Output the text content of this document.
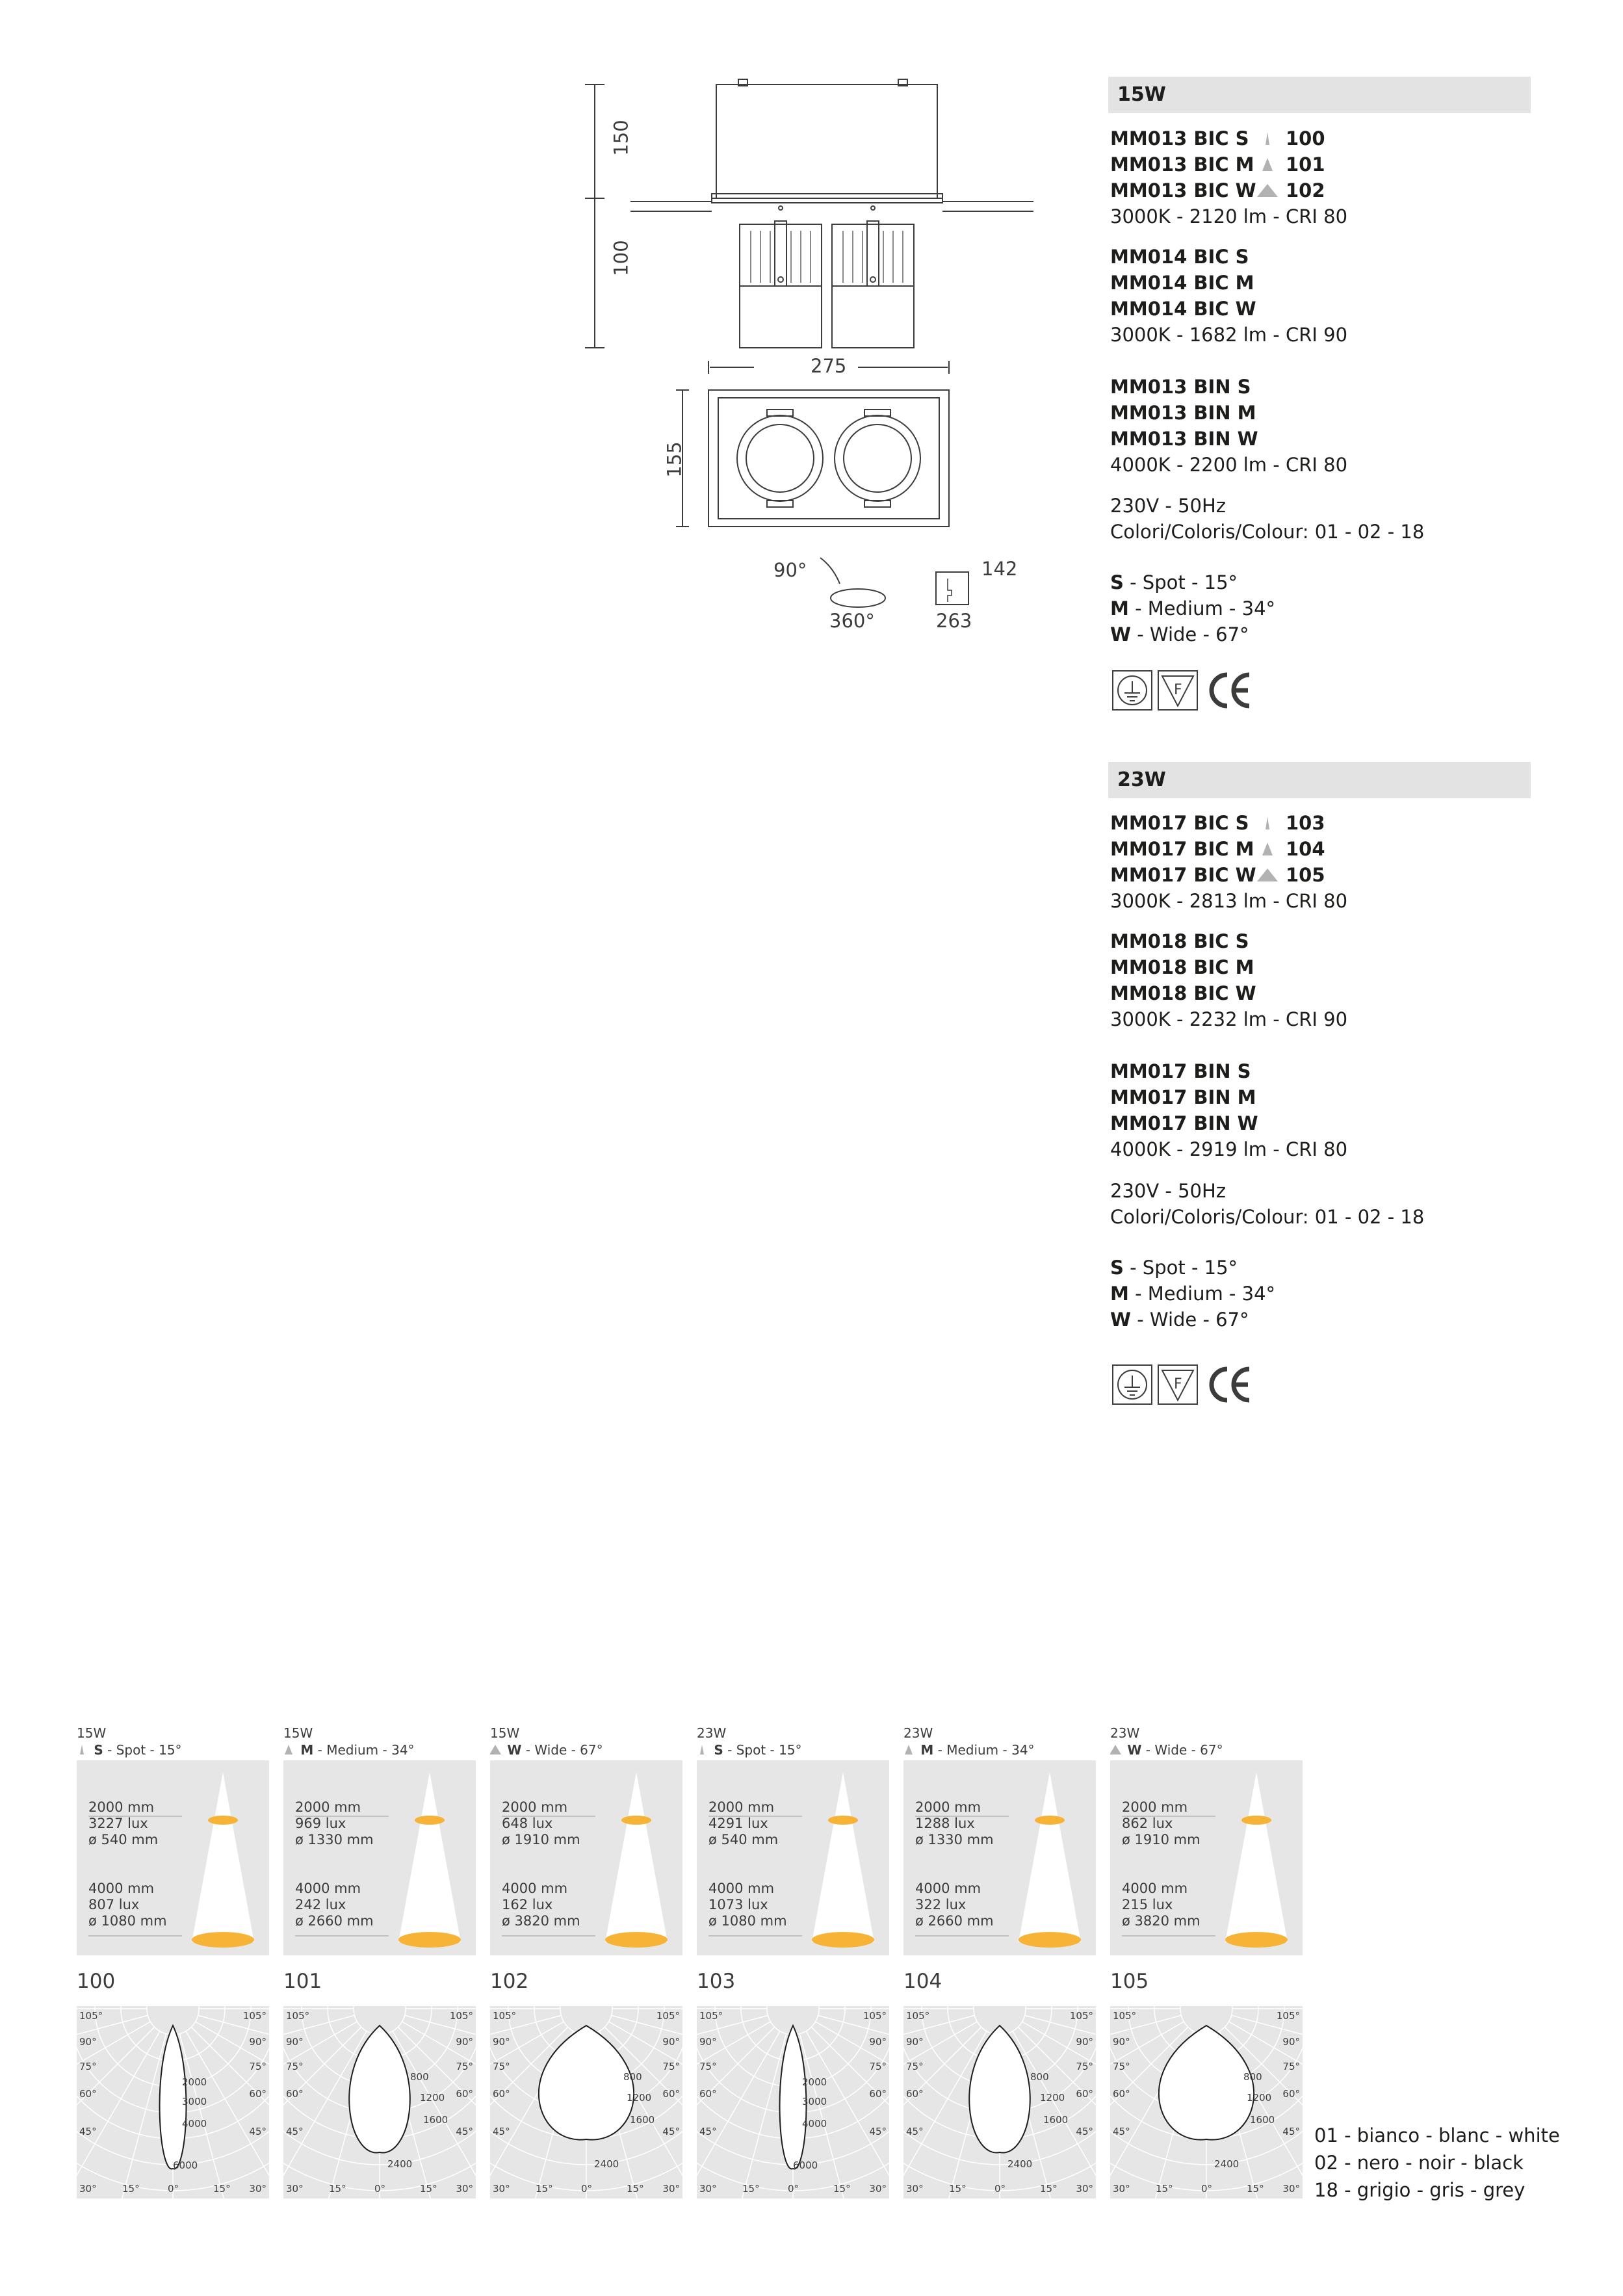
150
100
275
155
90°
360°
142
263
15W
MM013 BIC S 100
MM013 BIC M 101
MM013 BIC W 102
3000K - 2120 lm - CRI 80
MM014 BIC S
MM014 BIC M
MM014 BIC W
3000K - 1682 lm - CRI 90
MM013 BIN S
MM013 BIN M
MM013 BIN W
4000K - 2200 lm - CRI 80
230V - 50Hz
Colori/Coloris/Colour: 01 - 02 - 18
S - Spot - 15°
M - Medium - 34°
W - Wide - 67°
F
23W
MM017 BIC S 103
MM017 BIC M 104
MM017 BIC W 105
3000K - 2813 lm - CRI 80
MM018 BIC S
MM018 BIC M
MM018 BIC W
3000K - 2232 lm - CRI 90
MM017 BIN S
MM017 BIN M
MM017 BIN W
4000K - 2919 lm - CRI 80
230V - 50Hz
Colori/Coloris/Colour: 01 - 02 - 18
S - Spot - 15°
M - Medium - 34°
W - Wide - 67°
F
15W
S - Spot - 15°
2000 mm
3227 lux
ø 540 mm
4000 mm
807 lux
ø 1080 mm
100
105°	105°
90°	90°
75°	75°
60°	60°
45°	45°
30°	30°
15°	0°	15°
2000
3000
4000
6000
15W
M - Medium - 34°
2000 mm
969 lux
ø 1330 mm
4000 mm
242 lux
ø 2660 mm
101
105°	105°
90°	90°
75°	75°
60°	60°
45°	45°
30°	30°
15°	0°	15°
800
1200
1600
2400
15W
W - Wide - 67°
2000 mm
648 lux
ø 1910 mm
4000 mm
162 lux
ø 3820 mm
102
105°	105°
90°	90°
75°	75°
60°	60°
45°	45°
30°	30°
15°	0°	15°
800
1200
1600
2400
23W
S - Spot - 15°
2000 mm
4291 lux
ø 540 mm
4000 mm
1073 lux
ø 1080 mm
103
105°	105°
90°	90°
75°	75°
60°	60°
45°	45°
30°	30°
15°	0°	15°
2000
3000
4000
6000
23W
M - Medium - 34°
2000 mm
1288 lux
ø 1330 mm
4000 mm
322 lux
ø 2660 mm
104
105°	105°
90°	90°
75°	75°
60°	60°
45°	45°
30°	30°
15°	0°	15°
800
1200
1600
2400
23W
W - Wide - 67°
2000 mm
862 lux
ø 1910 mm
4000 mm
215 lux
ø 3820 mm
105
105°	105°
90°	90°
75°	75°
60°	60°
45°	45°
30°	30°
15°	0°	15°
800
1200
1600
2400
01 - bianco - blanc - white
02 - nero - noir - black
18 - grigio - gris - grey
